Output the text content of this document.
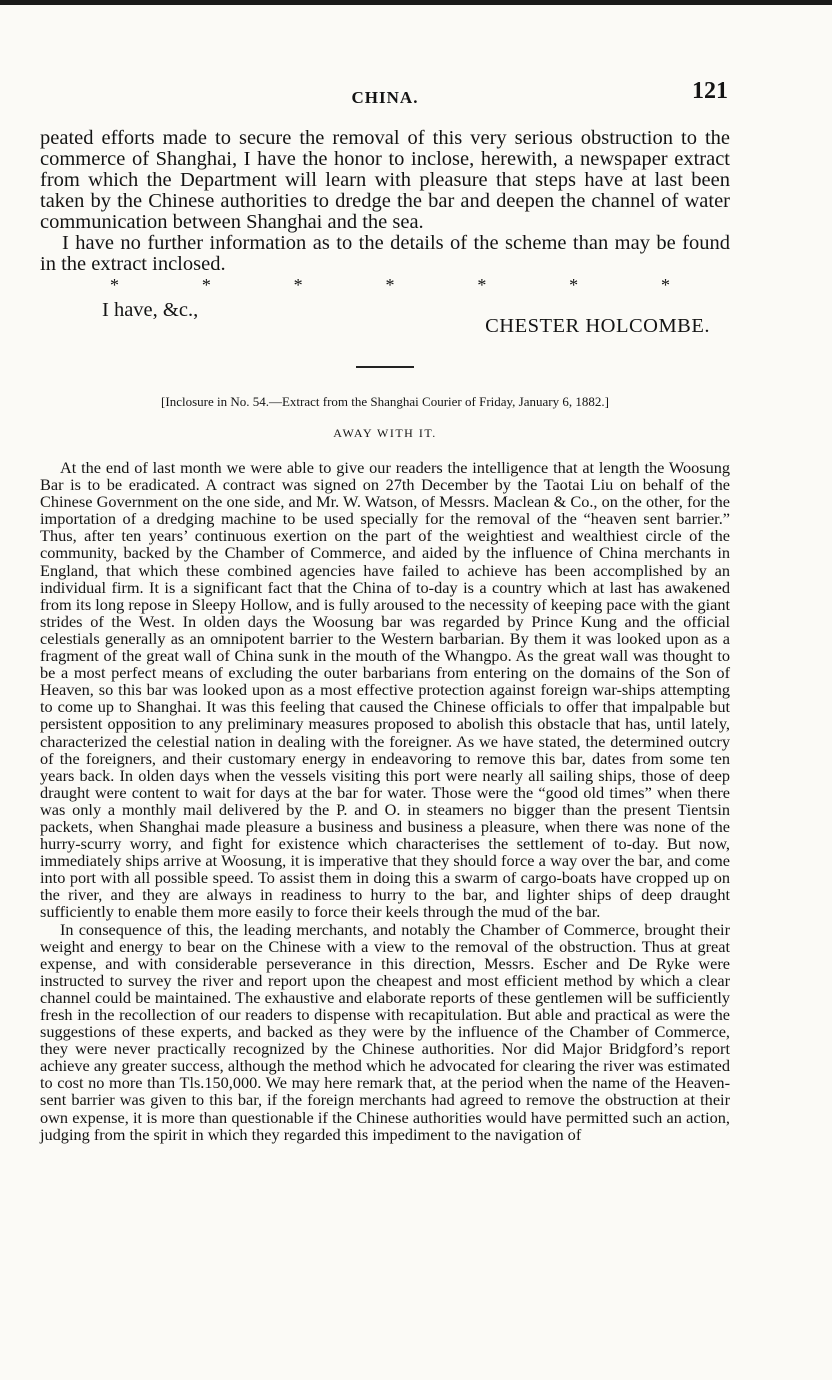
CHINA.	121

peated efforts made to secure the removal of this very serious obstruction to the commerce of Shanghai, I have the honor to inclose, herewith, a newspaper extract from which the Department will learn with pleasure that steps have at last been taken by the Chinese authorities to dredge the bar and deepen the channel of water communication between Shanghai and the sea.

I have no further information as to the details of the scheme than may be found in the extract inclosed.

*	*	*	*	*	*	*
I have, &c.,
CHESTER HOLCOMBE.
[Inclosure in No. 54.—Extract from the Shanghai Courier of Friday, January 6, 1882.]
AWAY WITH IT.

At the end of last month we were able to give our readers the intelligence that at length the Woosung Bar is to be eradicated. A contract was signed on 27th December by the Taotai Liu on behalf of the Chinese Government on the one side, and Mr. W. Watson, of Messrs. Maclean & Co., on the other, for the importation of a dredging machine to be used specially for the removal of the “heaven sent barrier.” Thus, after ten years’ continuous exertion on the part of the weightiest and wealthiest circle of the community, backed by the Chamber of Commerce, and aided by the influence of China merchants in England, that which these combined agencies have failed to achieve has been accomplished by an individual firm. It is a significant fact that the China of to-day is a country which at last has awakened from its long repose in Sleepy Hollow, and is fully aroused to the necessity of keeping pace with the giant strides of the West. In olden days the Woosung bar was regarded by Prince Kung and the official celestials generally as an omnipotent barrier to the Western barbarian. By them it was looked upon as a fragment of the great wall of China sunk in the mouth of the Whangpo. As the great wall was thought to be a most perfect means of excluding the outer barbarians from entering on the domains of the Son of Heaven, so this bar was looked upon as a most effective protection against foreign war-ships attempting to come up to Shanghai. It was this feeling that caused the Chinese officials to offer that impalpable but persistent opposition to any preliminary measures proposed to abolish this obstacle that has, until lately, characterized the celestial nation in dealing with the foreigner. As we have stated, the determined outcry of the foreigners, and their customary energy in endeavoring to remove this bar, dates from some ten years back. In olden days when the vessels visiting this port were nearly all sailing ships, those of deep draught were content to wait for days at the bar for water. Those were the “good old times” when there was only a monthly mail delivered by the P. and O. in steamers no bigger than the present Tientsin packets, when Shanghai made pleasure a business and business a pleasure, when there was none of the hurry-scurry worry, and fight for existence which characterises the settlement of to-day. But now, immediately ships arrive at Woosung, it is imperative that they should force a way over the bar, and come into port with all possible speed. To assist them in doing this a swarm of cargo-boats have cropped up on the river, and they are always in readiness to hurry to the bar, and lighter ships of deep draught sufficiently to enable them more easily to force their keels through the mud of the bar.

In consequence of this, the leading merchants, and notably the Chamber of Commerce, brought their weight and energy to bear on the Chinese with a view to the removal of the obstruction. Thus at great expense, and with considerable perseverance in this direction, Messrs. Escher and De Ryke were instructed to survey the river and report upon the cheapest and most efficient method by which a clear channel could be maintained. The exhaustive and elaborate reports of these gentlemen will be sufficiently fresh in the recollection of our readers to dispense with recapitulation. But able and practical as were the suggestions of these experts, and backed as they were by the influence of the Chamber of Commerce, they were never practically recognized by the Chinese authorities. Nor did Major Bridgford’s report achieve any greater success, although the method which he advocated for clearing the river was estimated to cost no more than Tls.150,000. We may here remark that, at the period when the name of the Heaven-sent barrier was given to this bar, if the foreign merchants had agreed to remove the obstruction at their own expense, it is more than questionable if the Chinese authorities would have permitted such an action, judging from the spirit in which they regarded this impediment to the navigation of
